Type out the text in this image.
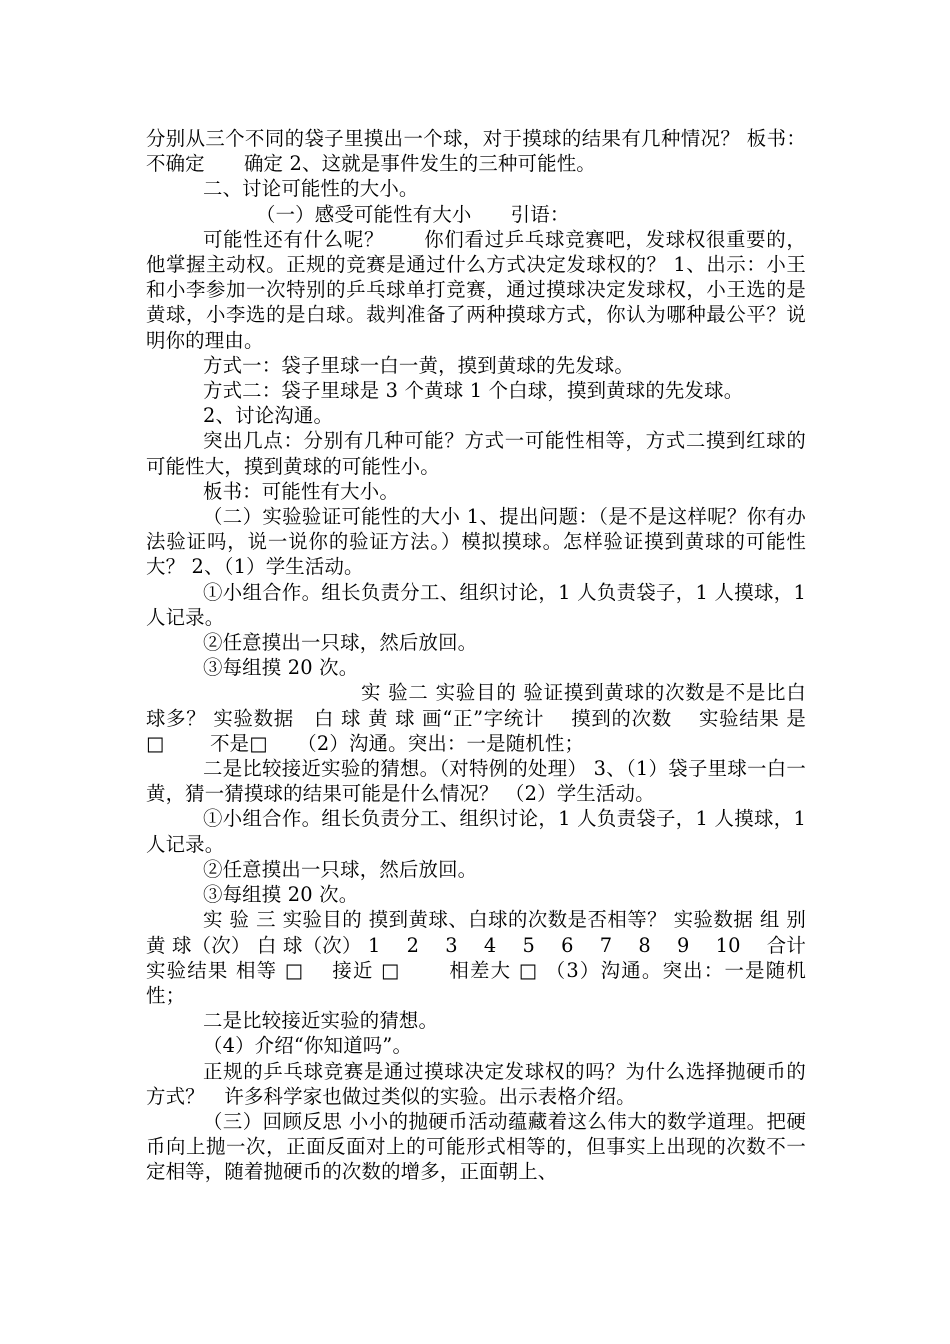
分别从三个不同的袋子里摸出一个球，对于摸球的结果有几种情况？ 板书：不确定　　确定 2、这就是事件发生的三种可能性。

二、讨论可能性的大小。

（一）感受可能性有大小　　引语：

可能性还有什么呢？　　你们看过乒乓球竞赛吧，发球权很重要的，他掌握主动权。正规的竞赛是通过什么方式决定发球权的？ 1、出示：小王和小李参加一次特别的乒乓球单打竞赛，通过摸球决定发球权，小王选的是黄球，小李选的是白球。裁判准备了两种摸球方式，你认为哪种最公平？说明你的理由。

方式一：袋子里球一白一黄，摸到黄球的先发球。

方式二：袋子里球是 3 个黄球 1 个白球，摸到黄球的先发球。

2、讨论沟通。

突出几点：分别有几种可能？方式一可能性相等，方式二摸到红球的可能性大，摸到黄球的可能性小。

板书：可能性有大小。

（二）实验验证可能性的大小 1、提出问题：（是不是这样呢？你有办法验证吗，说一说你的验证方法。）模拟摸球。怎样验证摸到黄球的可能性大？ 2、（1）学生活动。

①小组合作。组长负责分工、组织讨论，1 人负责袋子，1 人摸球，1 人记录。

②任意摸出一只球，然后放回。

③每组摸 20 次。

实 验二 实验目的 验证摸到黄球的次数是不是比白球多？ 实验数据　白 球 黄 球 画“正”字统计　 摸到的次数　 实验结果 是 □　　 不是□　　（2）沟通。突出：一是随机性；

二是比较接近实验的猜想。（对特例的处理） 3、（1）袋子里球一白一黄，猜一猜摸球的结果可能是什么情况？ （2）学生活动。

①小组合作。组长负责分工、组织讨论，1 人负责袋子，1 人摸球，1 人记录。

②任意摸出一只球，然后放回。

③每组摸 20 次。

实 验 三 实验目的 摸到黄球、白球的次数是否相等？ 实验数据 组 别 黄 球（次） 白 球（次） 1　 2　 3　 4　 5　 6　 7　 8　 9　 10　 合计　 实验结果 相等 □　 接近 □　　 相差大 □ （3）沟通。突出：一是随机性；

二是比较接近实验的猜想。

（4）介绍“你知道吗”。

正规的乒乓球竞赛是通过摸球决定发球权的吗？为什么选择抛硬币的方式？　许多科学家也做过类似的实验。出示表格介绍。

（三）回顾反思 小小的抛硬币活动蕴藏着这么伟大的数学道理。把硬币向上抛一次，正面反面对上的可能形式相等的，但事实上出现的次数不一定相等，随着抛硬币的次数的增多，正面朝上、
